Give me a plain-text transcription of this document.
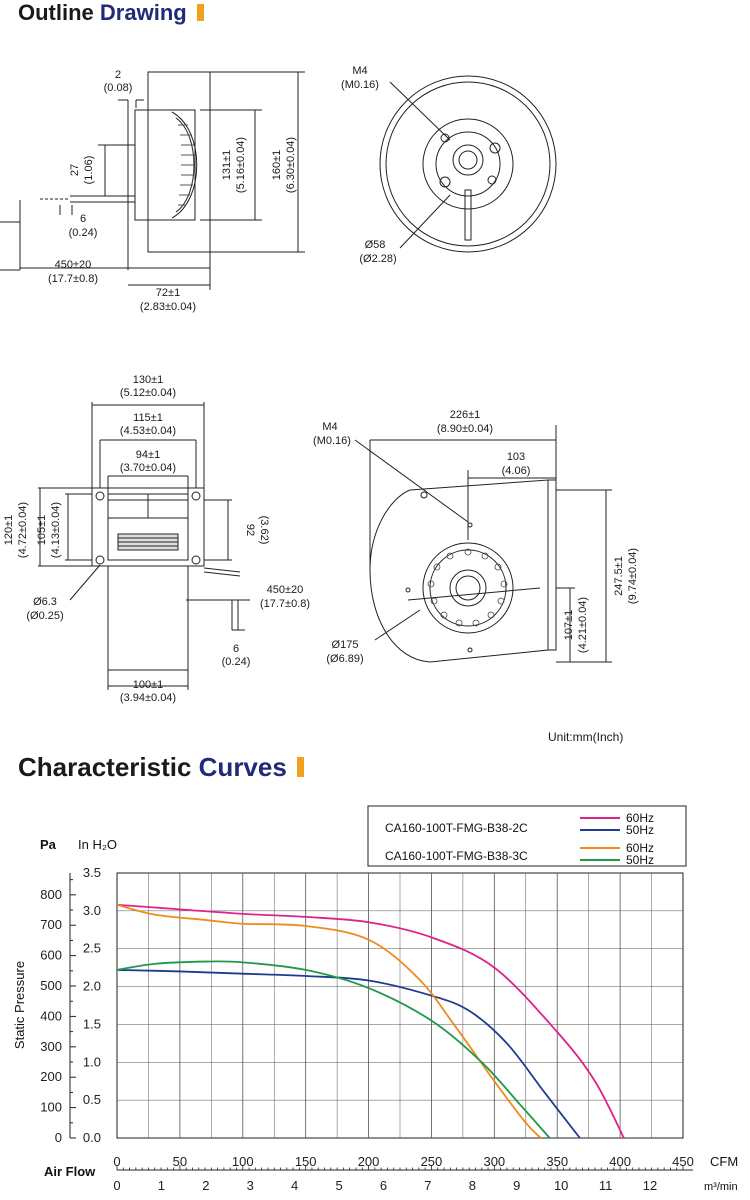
Outline Drawing
2
(0.08)
27 (1.06)
6
(0.24)
450±20
(17.7±0.8)
72±1
(2.83±0.04)
131±1 (5.16±0.04) 160±1 (6.30±0.04)
M4
(M0.16)
Ø58
(Ø2.28)
130±1
(5.12±0.04)
115±1
(4.53±0.04)
94±1
(3.70±0.04)
120±1 (4.72±0.04) 105±1 (4.13±0.04)	92 (3.62)
Ø6.3
(Ø0.25)
450±20
(17.7±0.8)
6
(0.24)
100±1
(3.94±0.04)
M4
(M0.16)
226±1
(8.90±0.04)
103
(4.06)
247.5±1 (9.74±0.04)
107±1 (4.21±0.04)
Ø175
(Ø6.89)
Unit:mm(Inch)
Characteristic Curves
0
100
200
300
400
500
600
700
800
0.0
0.5
1.0
1.5
2.0
2.5
3.0
3.5
0	50	100	150	200	250	300	350	400	450
0	1	2	3	4	5	6	7	8	9	10 11 12
CA160-100T-FMG-B38-2C
CA160-100T-FMG-B38-3C
60Hz
50Hz
60Hz
50Hz
Pa In H₂O
Static Pressure
Air Flow
CFM
m³/min
